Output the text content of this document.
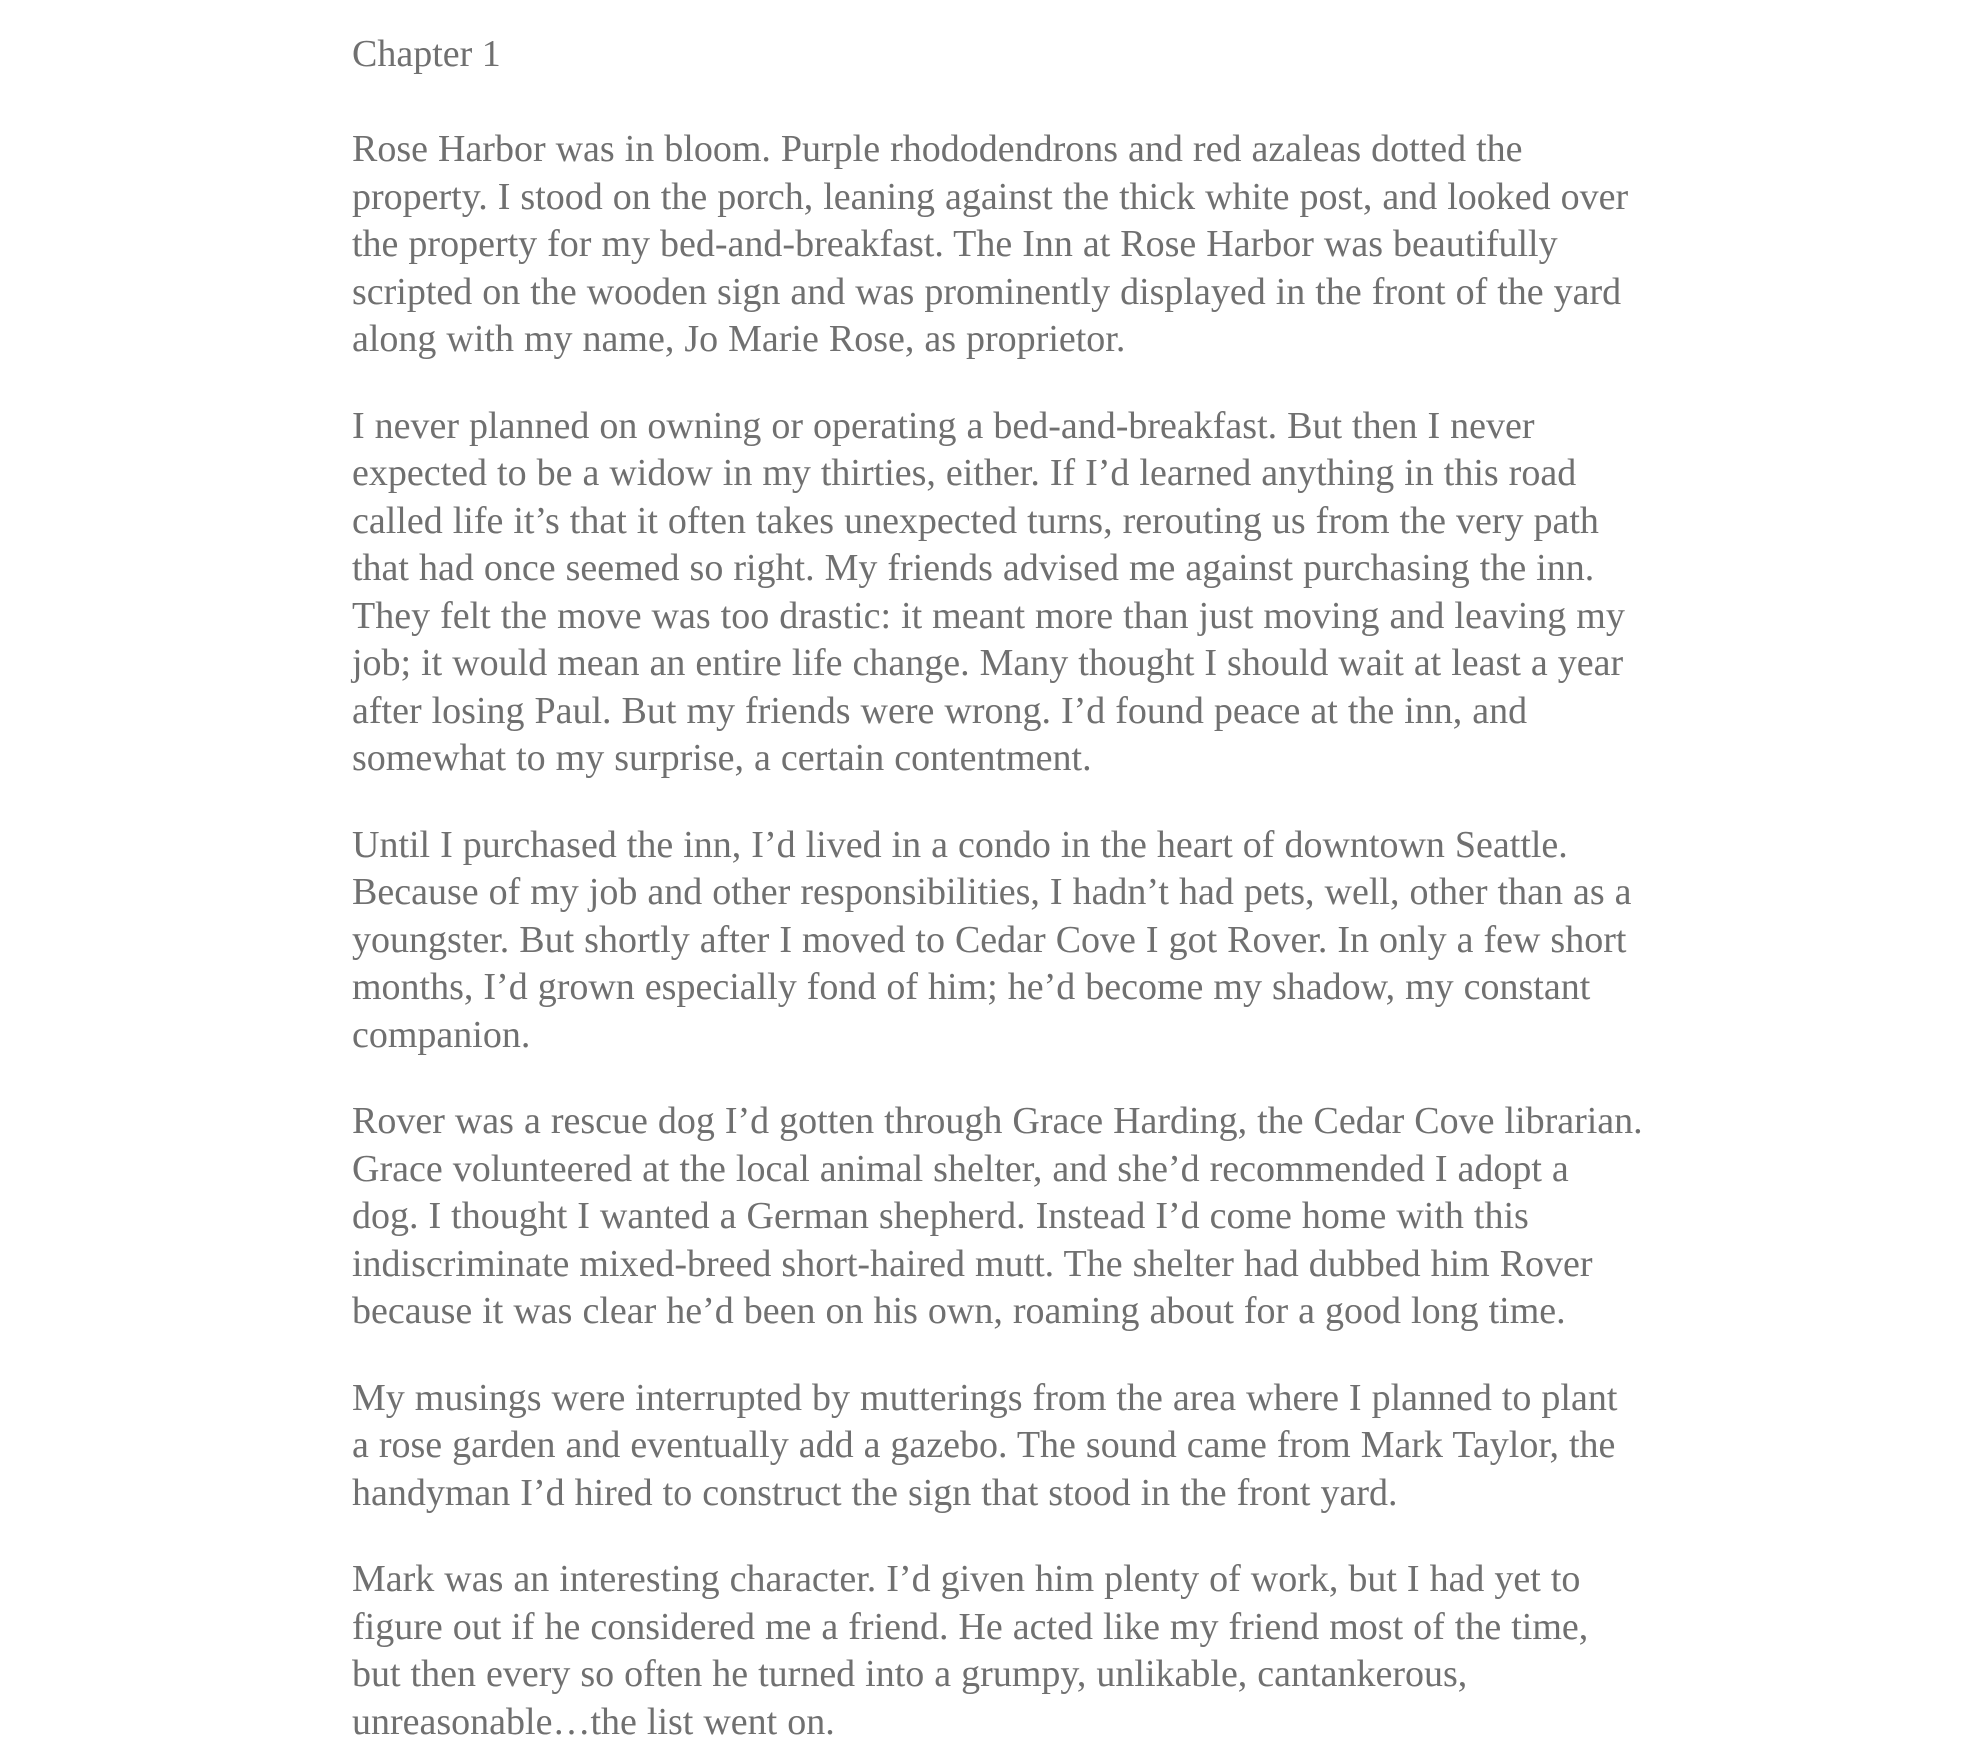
Chapter 1

Rose Harbor was in bloom. Purple rhododendrons and red azaleas dotted the property. I stood on the porch, leaning against the thick white post, and looked over the property for my bed-and-breakfast. The Inn at Rose Harbor was beautifully scripted on the wooden sign and was prominently displayed in the front of the yard along with my name, Jo Marie Rose, as proprietor.

I never planned on owning or operating a bed-and-breakfast. But then I never expected to be a widow in my thirties, either. If I’d learned anything in this road called life it’s that it often takes unexpected turns, rerouting us from the very path that had once seemed so right. My friends advised me against purchasing the inn. They felt the move was too drastic: it meant more than just moving and leaving my job; it would mean an entire life change. Many thought I should wait at least a year after losing Paul. But my friends were wrong. I’d found peace at the inn, and somewhat to my surprise, a certain contentment.

Until I purchased the inn, I’d lived in a condo in the heart of downtown Seattle. Because of my job and other responsibilities, I hadn’t had pets, well, other than as a youngster. But shortly after I moved to Cedar Cove I got Rover. In only a few short months, I’d grown especially fond of him; he’d become my shadow, my constant companion.

Rover was a rescue dog I’d gotten through Grace Harding, the Cedar Cove librarian. Grace volunteered at the local animal shelter, and she’d recommended I adopt a dog. I thought I wanted a German shepherd. Instead I’d come home with this indiscriminate mixed-breed short-haired mutt. The shelter had dubbed him Rover because it was clear he’d been on his own, roaming about for a good long time.

My musings were interrupted by mutterings from the area where I planned to plant a rose garden and eventually add a gazebo. The sound came from Mark Taylor, the handyman I’d hired to construct the sign that stood in the front yard.

Mark was an interesting character. I’d given him plenty of work, but I had yet to figure out if he considered me a friend. He acted like my friend most of the time, but then every so often he turned into a grumpy, unlikable, cantankerous, unreasonable…the list went on.
